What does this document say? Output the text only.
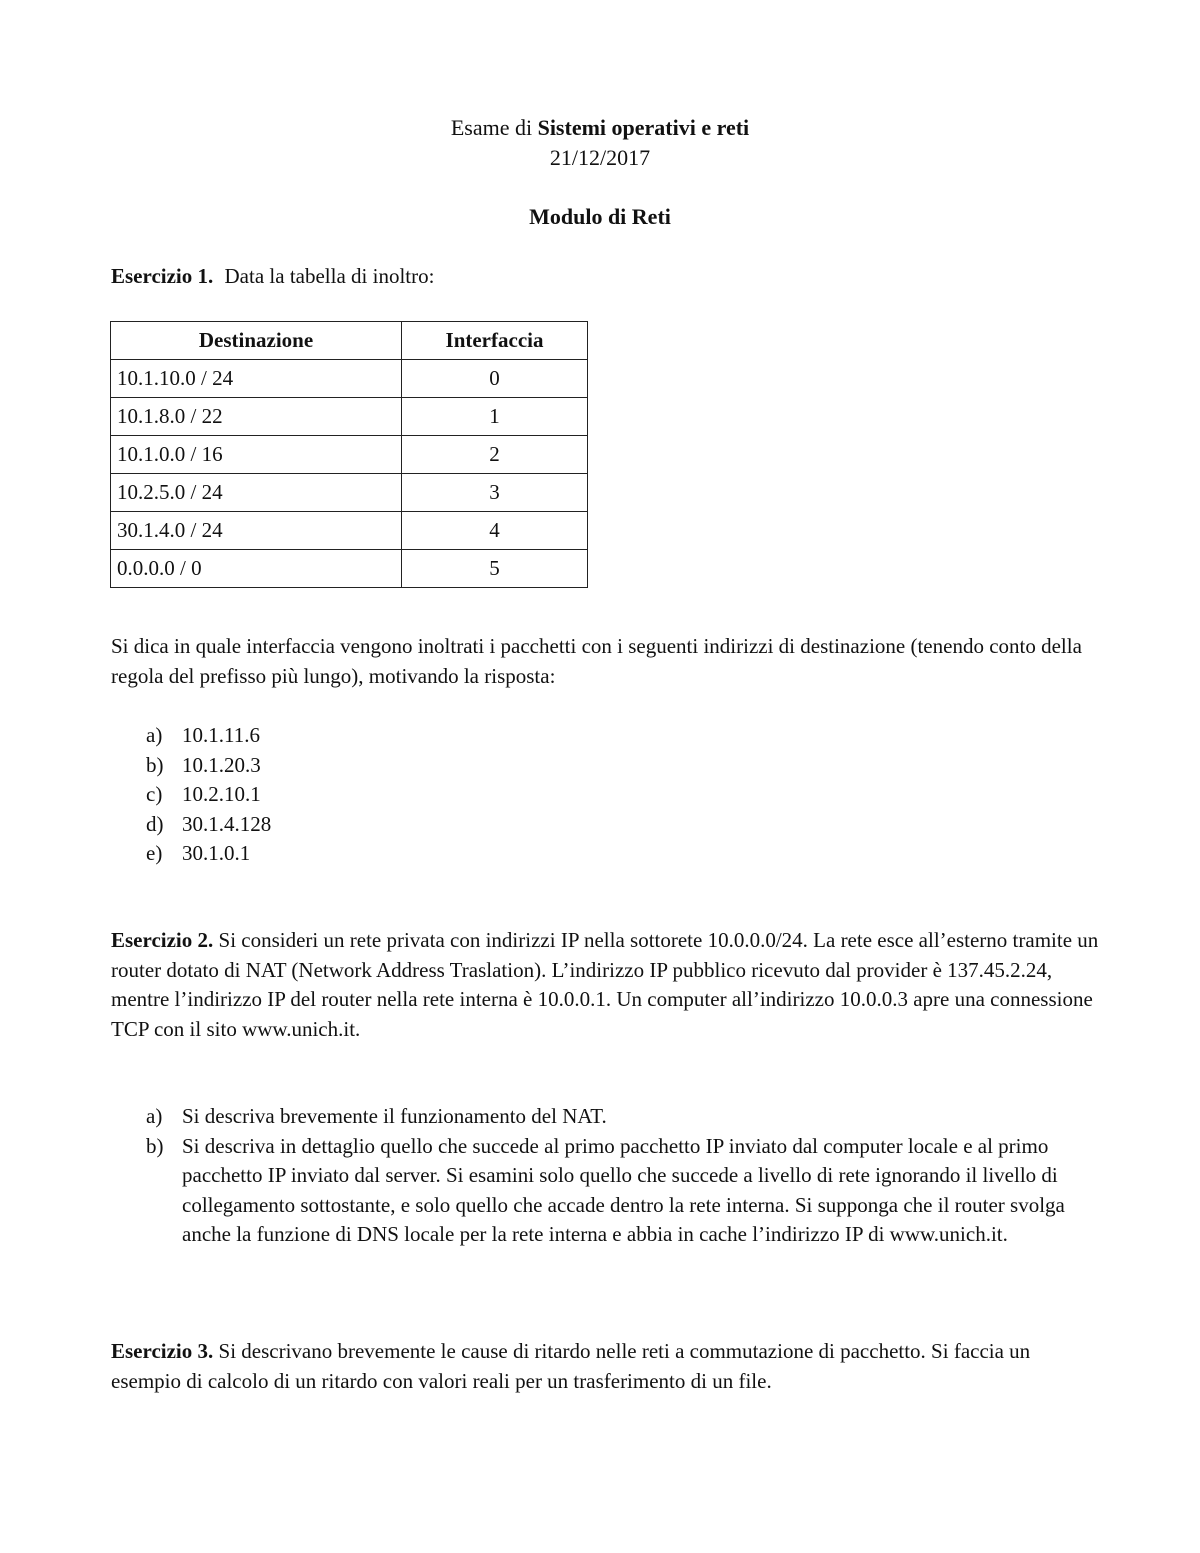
Esame di Sistemi operativi e reti
21/12/2017
Modulo di Reti
Esercizio 1. Data la tabella di inoltro:
Destinazione	Interfaccia
10.1.10.0 / 24	0
10.1.8.0 / 22	1
10.1.0.0 / 16	2
10.2.5.0 / 24	3
30.1.4.0 / 24	4
0.0.0.0 / 0	5
Si dica in quale interfaccia vengono inoltrati i pacchetti con i seguenti indirizzi di destinazione (tenendo conto della regola del prefisso più lungo), motivando la risposta:
a) 10.1.11.6
b) 10.1.20.3
c) 10.2.10.1
d) 30.1.4.128
e) 30.1.0.1
Esercizio 2. Si consideri un rete privata con indirizzi IP nella sottorete 10.0.0.0/24. La rete esce all’esterno tramite un router dotato di NAT (Network Address Traslation). L’indirizzo IP pubblico ricevuto dal provider è 137.45.2.24, mentre l’indirizzo IP del router nella rete interna è 10.0.0.1. Un computer all’indirizzo 10.0.0.3 apre una connessione TCP con il sito www.unich.it.
a) Si descriva brevemente il funzionamento del NAT.
b) Si descriva in dettaglio quello che succede al primo pacchetto IP inviato dal computer locale e al primo pacchetto IP inviato dal server. Si esamini solo quello che succede a livello di rete ignorando il livello di collegamento sottostante, e solo quello che accade dentro la rete interna. Si supponga che il router svolga anche la funzione di DNS locale per la rete interna e abbia in cache l’indirizzo IP di www.unich.it.
Esercizio 3. Si descrivano brevemente le cause di ritardo nelle reti a commutazione di pacchetto. Si faccia un esempio di calcolo di un ritardo con valori reali per un trasferimento di un file.
